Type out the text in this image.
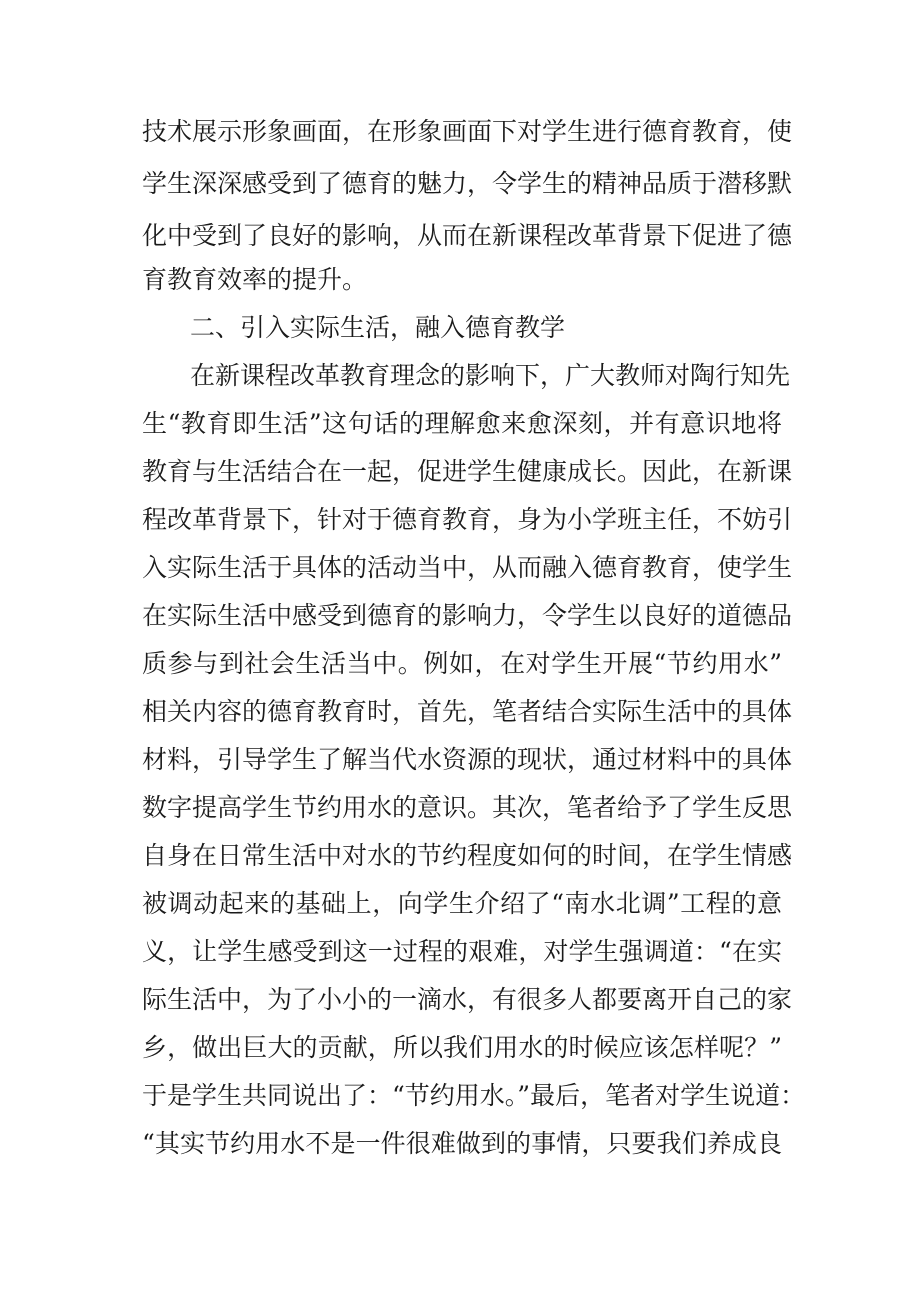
技术展示形象画面，在形象画面下对学生进行德育教育，使

学生深深感受到了德育的魅力，令学生的精神品质于潜移默

化中受到了良好的影响，从而在新课程改革背景下促进了德

育教育效率的提升。

二、引入实际生活，融入德育教学

在新课程改革教育理念的影响下，广大教师对陶行知先

生“教育即生活”这句话的理解愈来愈深刻，并有意识地将

教育与生活结合在一起，促进学生健康成长。因此，在新课

程改革背景下，针对于德育教育，身为小学班主任，不妨引

入实际生活于具体的活动当中，从而融入德育教育，使学生

在实际生活中感受到德育的影响力，令学生以良好的道德品

质参与到社会生活当中。例如，在对学生开展“节约用水”

相关内容的德育教育时，首先，笔者结合实际生活中的具体

材料，引导学生了解当代水资源的现状，通过材料中的具体

数字提高学生节约用水的意识。其次，笔者给予了学生反思

自身在日常生活中对水的节约程度如何的时间，在学生情感

被调动起来的基础上，向学生介绍了“南水北调”工程的意

义，让学生感受到这一过程的艰难，对学生强调道：“在实

际生活中，为了小小的一滴水，有很多人都要离开自己的家

乡，做出巨大的贡献，所以我们用水的时候应该怎样呢？”

于是学生共同说出了：“节约用水。”最后，笔者对学生说道：

“其实节约用水不是一件很难做到的事情，只要我们养成良
